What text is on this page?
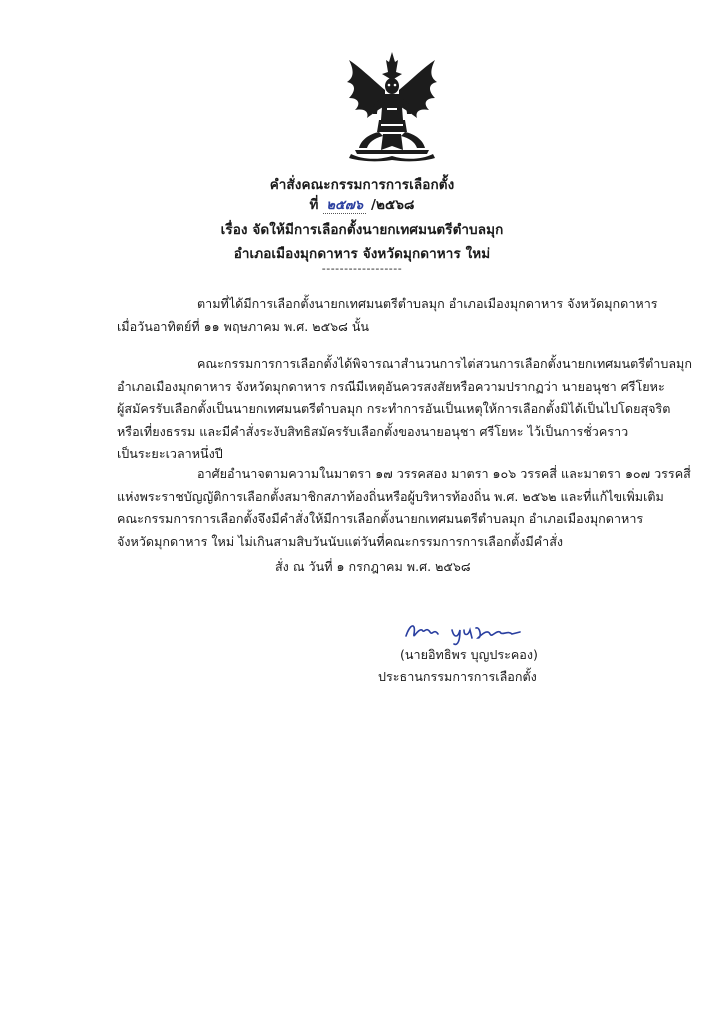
คำสั่งคณะกรรมการการเลือกตั้ง
ที่ ๒๕๗๖ /๒๕๖๘
เรื่อง จัดให้มีการเลือกตั้งนายกเทศมนตรีตำบลมุก
อำเภอเมืองมุกดาหาร จังหวัดมุกดาหาร ใหม่
------------------
ตามที่ได้มีการเลือกตั้งนายกเทศมนตรีตำบลมุก อำเภอเมืองมุกดาหาร จังหวัดมุกดาหาร
เมื่อวันอาทิตย์ที่ ๑๑ พฤษภาคม พ.ศ. ๒๕๖๘ นั้น
คณะกรรมการการเลือกตั้งได้พิจารณาสำนวนการไต่สวนการเลือกตั้งนายกเทศมนตรีตำบลมุก
อำเภอเมืองมุกดาหาร จังหวัดมุกดาหาร กรณีมีเหตุอันควรสงสัยหรือความปรากฏว่า นายอนุชา ศรีโยหะ
ผู้สมัครรับเลือกตั้งเป็นนายกเทศมนตรีตำบลมุก กระทำการอันเป็นเหตุให้การเลือกตั้งมิได้เป็นไปโดยสุจริต
หรือเที่ยงธรรม และมีคำสั่งระงับสิทธิสมัครรับเลือกตั้งของนายอนุชา ศรีโยหะ ไว้เป็นการชั่วคราว
เป็นระยะเวลาหนึ่งปี
อาศัยอำนาจตามความในมาตรา ๑๗ วรรคสอง มาตรา ๑๐๖ วรรคสี่ และมาตรา ๑๐๗ วรรคสี่
แห่งพระราชบัญญัติการเลือกตั้งสมาชิกสภาท้องถิ่นหรือผู้บริหารท้องถิ่น พ.ศ. ๒๕๖๒ และที่แก้ไขเพิ่มเติม
คณะกรรมการการเลือกตั้งจึงมีคำสั่งให้มีการเลือกตั้งนายกเทศมนตรีตำบลมุก อำเภอเมืองมุกดาหาร
จังหวัดมุกดาหาร ใหม่ ไม่เกินสามสิบวันนับแต่วันที่คณะกรรมการการเลือกตั้งมีคำสั่ง
สั่ง ณ วันที่ ๑ กรกฎาคม พ.ศ. ๒๕๖๘
(นายอิทธิพร บุญประคอง)
ประธานกรรมการการเลือกตั้ง
